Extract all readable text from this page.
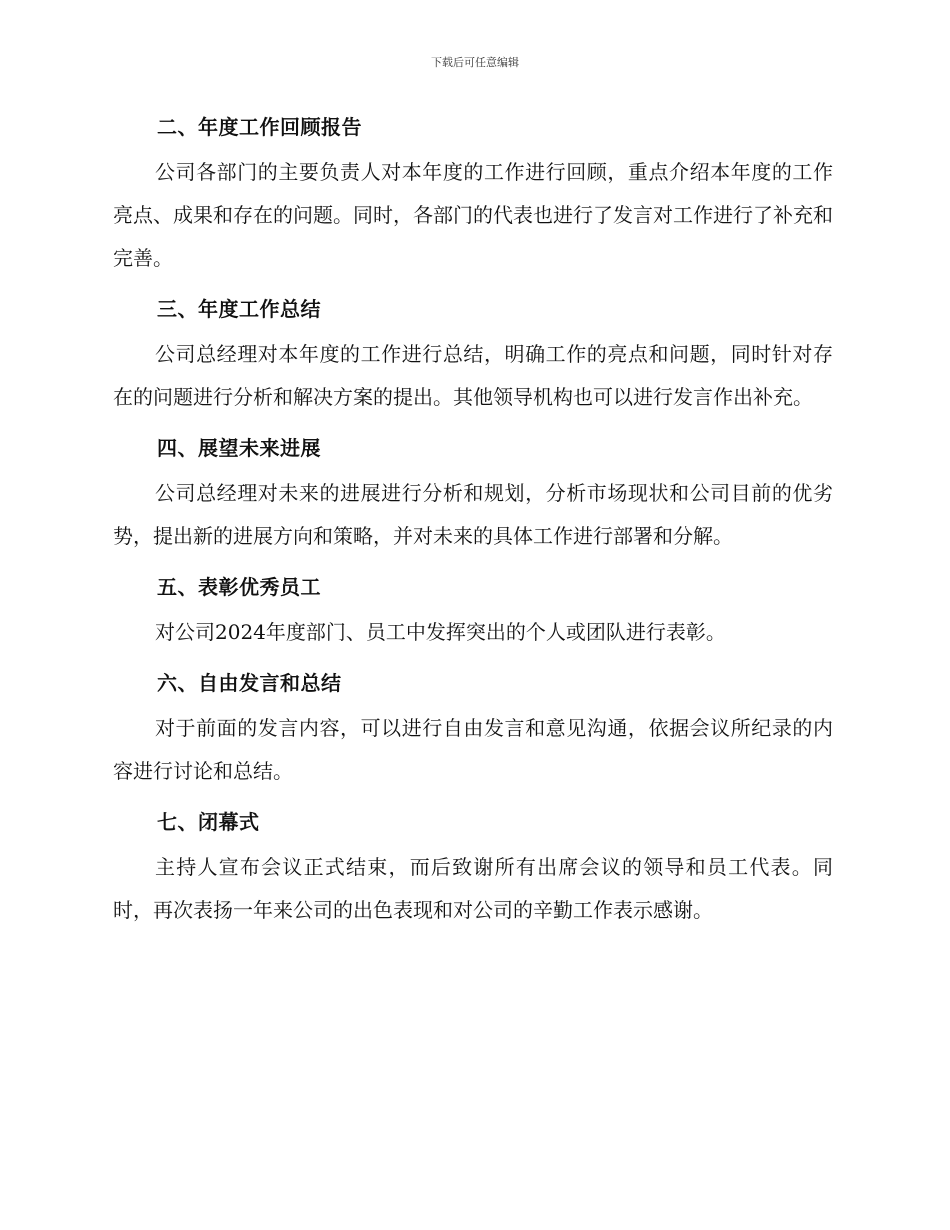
下载后可任意编辑
二、年度工作回顾报告

公司各部门的主要负责人对本年度的工作进行回顾，重点介绍本年度的工作亮点、成果和存在的问题。同时，各部门的代表也进行了发言对工作进行了补充和完善。

三、年度工作总结

公司总经理对本年度的工作进行总结，明确工作的亮点和问题，同时针对存在的问题进行分析和解决方案的提出。其他领导机构也可以进行发言作出补充。

四、展望未来进展

公司总经理对未来的进展进行分析和规划，分析市场现状和公司目前的优劣势，提出新的进展方向和策略，并对未来的具体工作进行部署和分解。

五、表彰优秀员工

对公司2024年度部门、员工中发挥突出的个人或团队进行表彰。

六、自由发言和总结

对于前面的发言内容，可以进行自由发言和意见沟通，依据会议所纪录的内容进行讨论和总结。

七、闭幕式

主持人宣布会议正式结束，而后致谢所有出席会议的领导和员工代表。同时，再次表扬一年来公司的出色表现和对公司的辛勤工作表示感谢。
